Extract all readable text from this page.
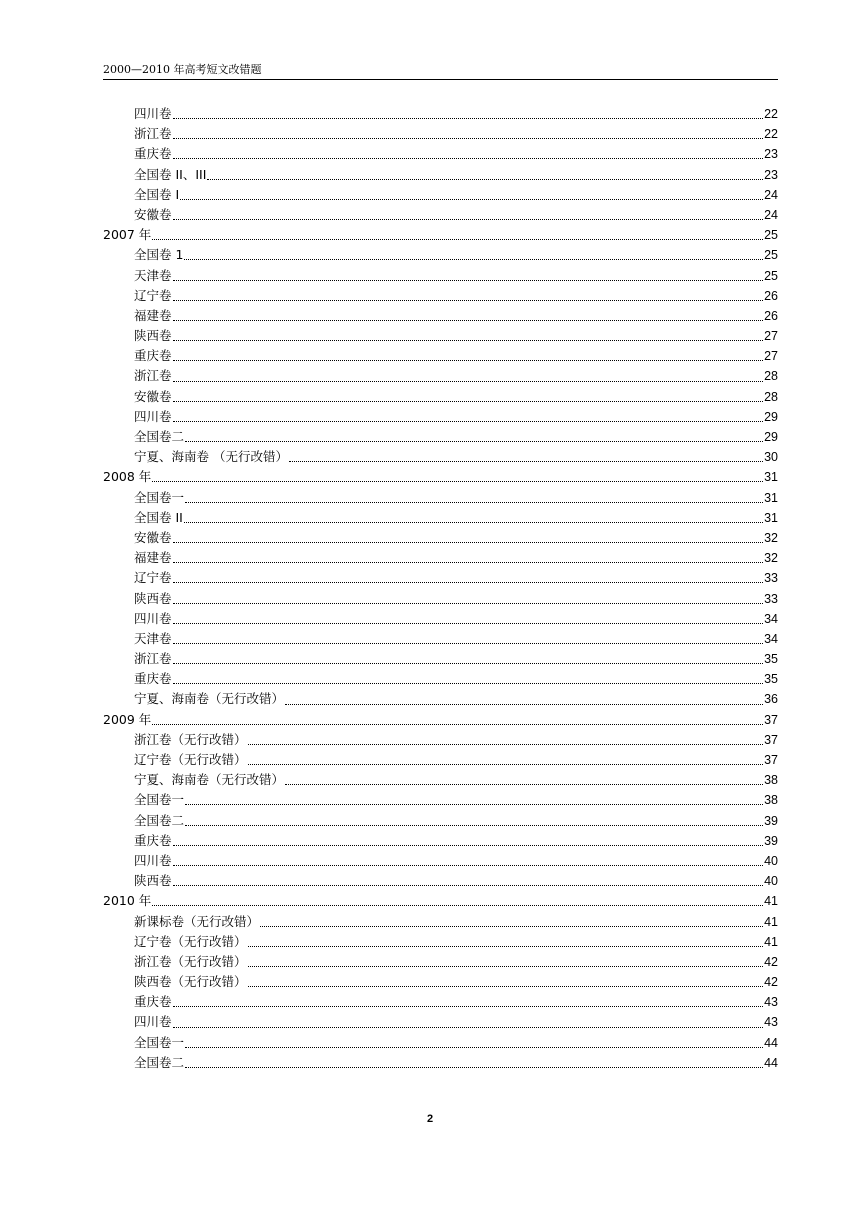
2000—2010 年高考短文改错题
四川卷	22
浙江卷	22
重庆卷	23
全国卷 II、III	23
全国卷 I	24
安徽卷	24
2007 年	25
全国卷 1	25
天津卷	25
辽宁卷	26
福建卷	26
陕西卷	27
重庆卷	27
浙江卷	28
安徽卷	28
四川卷	29
全国卷二	29
宁夏、海南卷 （无行改错）	30
2008 年	31
全国卷一	31
全国卷 II	31
安徽卷	32
福建卷	32
辽宁卷	33
陕西卷	33
四川卷	34
天津卷	34
浙江卷	35
重庆卷	35
宁夏、海南卷（无行改错）	36
2009 年	37
浙江卷（无行改错）	37
辽宁卷（无行改错）	37
宁夏、海南卷（无行改错）	38
全国卷一	38
全国卷二	39
重庆卷	39
四川卷	40
陕西卷	40
2010 年	41
新课标卷（无行改错）	41
辽宁卷（无行改错）	41
浙江卷（无行改错）	42
陕西卷（无行改错）	42
重庆卷	43
四川卷	43
全国卷一	44
全国卷二	44
2
